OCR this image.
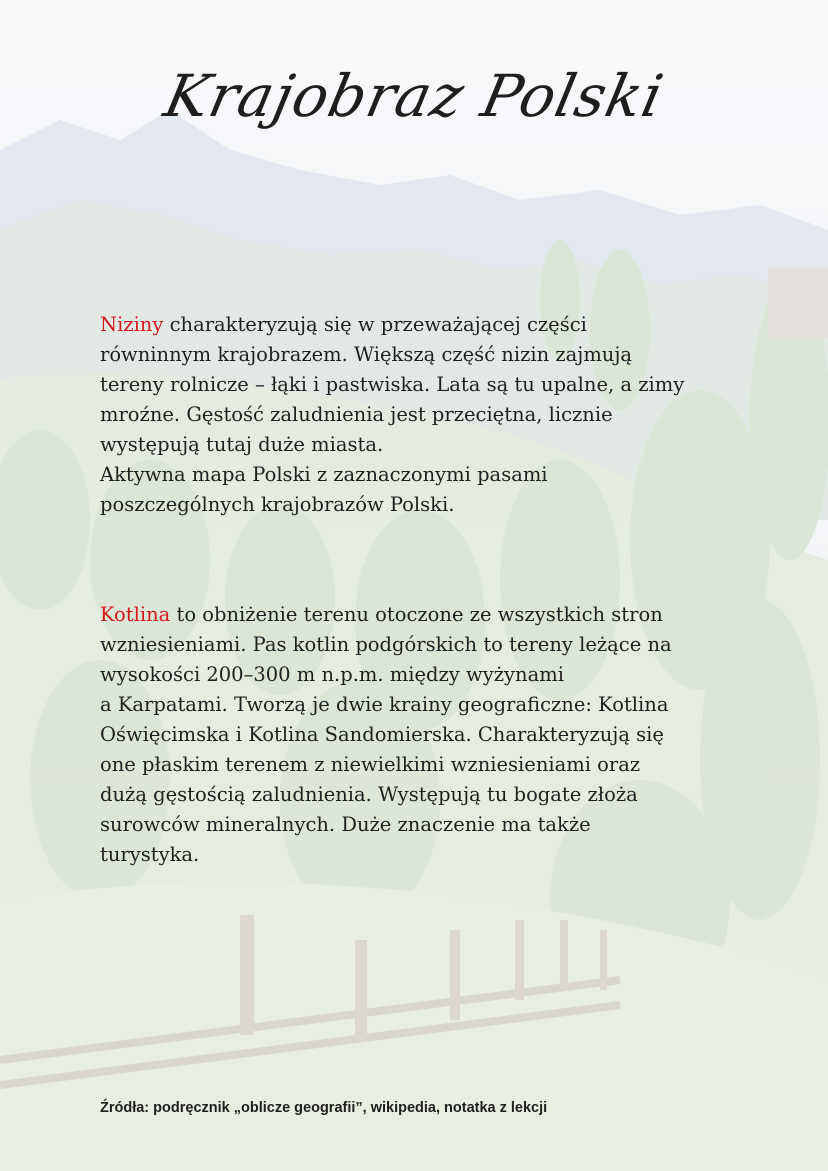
Krajobraz Polski

Niziny charakteryzują się w przeważającej części
równinnym krajobrazem. Większą część nizin zajmują
tereny rolnicze – łąki i pastwiska. Lata są tu upalne, a zimy
mroźne. Gęstość zaludnienia jest przeciętna, licznie
występują tutaj duże miasta.
Aktywna mapa Polski z zaznaczonymi pasami
poszczególnych krajobrazów Polski.

Kotlina to obniżenie terenu otoczone ze wszystkich stron
wzniesieniami. Pas kotlin podgórskich to tereny leżące na
wysokości 200–300 m n.p.m. między wyżynami
a Karpatami. Tworzą je dwie krainy geograficzne: Kotlina
Oświęcimska i Kotlina Sandomierska. Charakteryzują się
one płaskim terenem z niewielkimi wzniesieniami oraz
dużą gęstością zaludnienia. Występują tu bogate złoża
surowców mineralnych. Duże znaczenie ma także
turystyka.

Źródła: podręcznik „oblicze geografii”, wikipedia, notatka z lekcji
